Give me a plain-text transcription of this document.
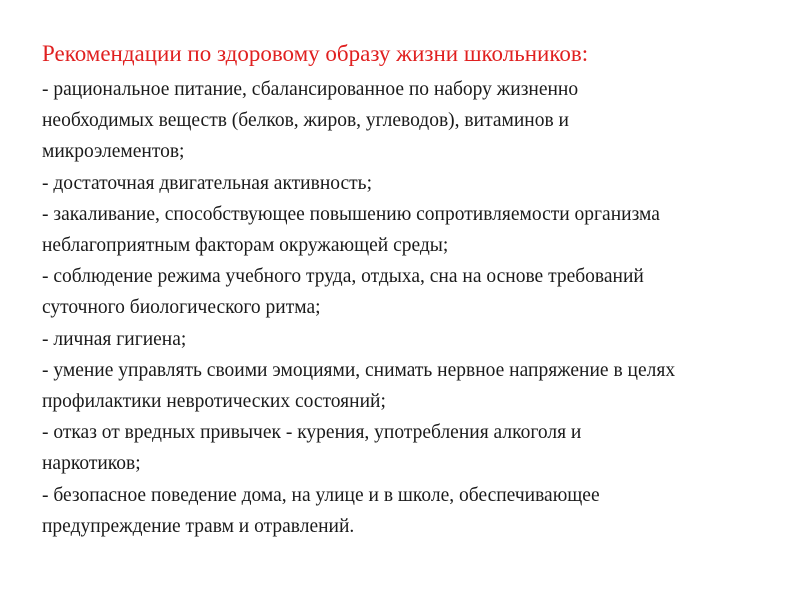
Рекомендации по здоровому образу жизни школьников:
- рациональное питание, сбалансированное по набору жизненно
необходимых веществ (белков, жиров, углеводов), витаминов и
микроэлементов;
- достаточная двигательная активность;
- закаливание, способствующее повышению сопротивляемости организма
неблагоприятным факторам окружающей среды;
- соблюдение режима учебного труда, отдыха, сна на основе требований
суточного биологического ритма;
- личная гигиена;
- умение управлять своими эмоциями, снимать нервное напряжение в целях
профилактики невротических состояний;
- отказ от вредных привычек - курения, употребления алкоголя и
наркотиков;
- безопасное поведение дома, на улице и в школе, обеспечивающее
предупреждение травм и отравлений.
